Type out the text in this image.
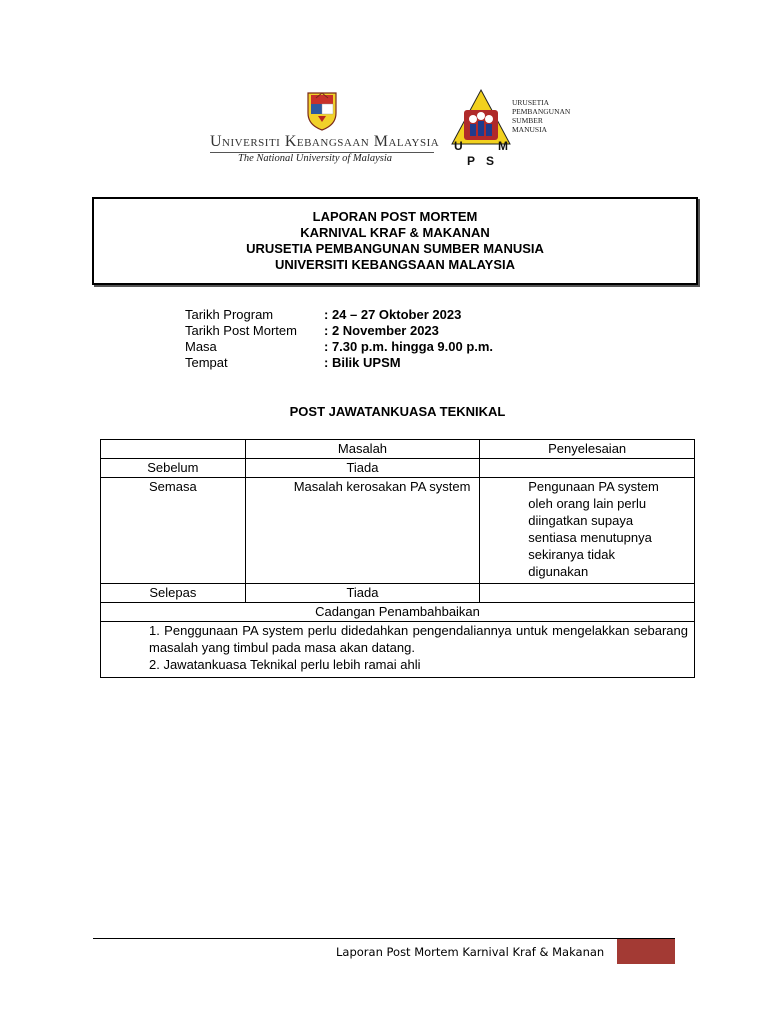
Universiti Kebangsaan Malaysia
The National University of Malaysia
U	M
P S
URUSETIA
PEMBANGUNAN
SUMBER
MANUSIA
LAPORAN POST MORTEM
KARNIVAL KRAF & MAKANAN
URUSETIA PEMBANGUNAN SUMBER MANUSIA
UNIVERSITI KEBANGSAAN MALAYSIA
Tarikh Program	: 24 – 27 Oktober 2023
Tarikh Post Mortem	: 2 November 2023
Masa	: 7.30 p.m. hingga 9.00 p.m.
Tempat	: Bilik UPSM
POST JAWATANKUASA TEKNIKAL
	Masalah	Penyelesaian
Sebelum	Tiada	
Semasa	Masalah kerosakan PA system	Pengunaan PA system oleh orang lain perlu diingatkan supaya sentiasa menutupnya sekiranya tidak digunakan
Selepas	Tiada	
Cadangan Penambahbaikan		

1. Penggunaan PA system perlu didedahkan pengendaliannya untuk mengelakkan sebarang masalah yang timbul pada masa akan datang.

2. Jawatankuasa Teknikal perlu lebih ramai ahli		

Laporan Post Mortem Karnival Kraf & Makanan
